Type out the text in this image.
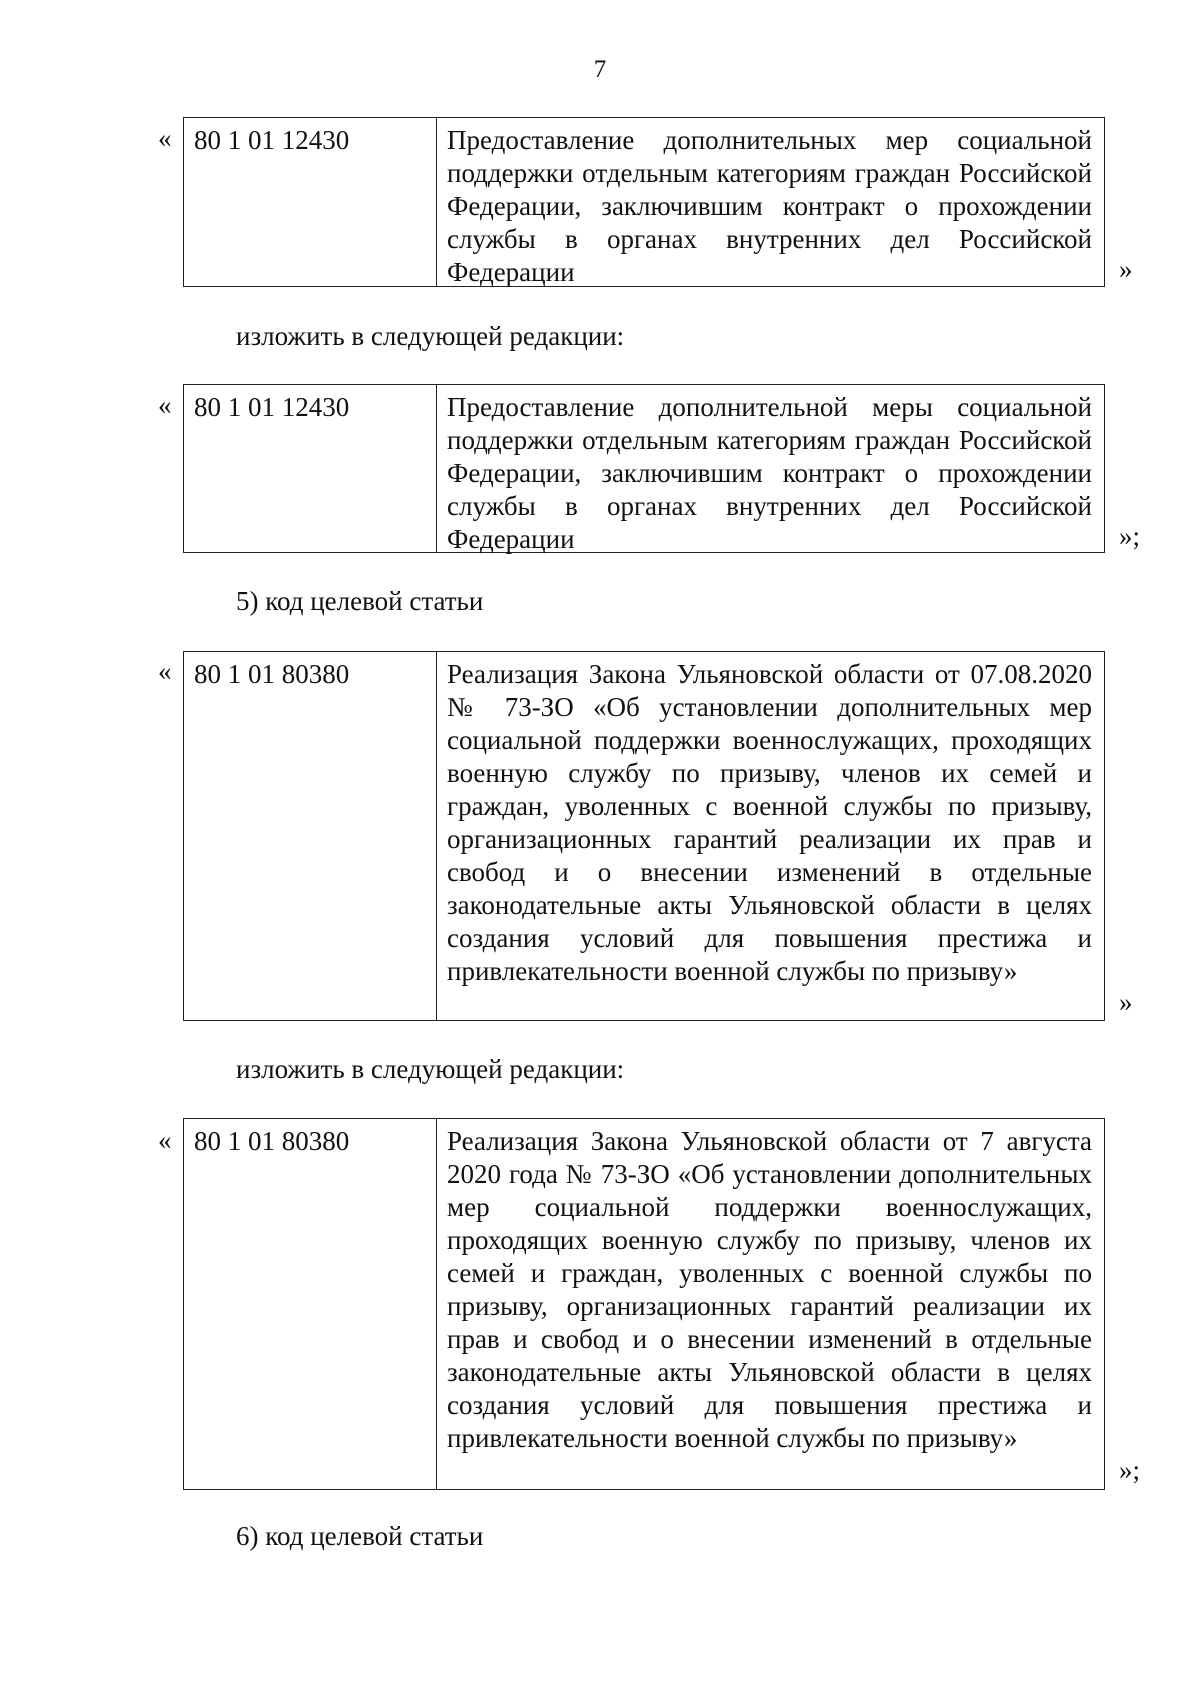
7
« 80 1 01 12430	Предоставление дополнительных мер социальной поддержки отдельным категориям граждан Российской Федерации, заключившим контракт о прохождении службы в органах внутренних дел Российской Федерации	»
изложить в следующей редакции:
« 80 1 01 12430	Предоставление дополнительной меры социальной поддержки отдельным категориям граждан Российской Федерации, заключившим контракт о прохождении службы в органах внутренних дел Российской Федерации	»;
5) код целевой статьи
« 80 1 01 80380	Реализация Закона Ульяновской области от 07.08.2020 № 73-ЗО «Об установлении дополнительных мер социальной поддержки военнослужащих, проходящих военную службу по призыву, членов их семей и граждан, уволенных с военной службы по призыву, организационных гарантий реализации их прав и свобод и о внесении изменений в отдельные законодательные акты Ульяновской области в целях создания условий для повышения престижа и привлекательности военной службы по призыву»
»
изложить в следующей редакции:
« 80 1 01 80380	Реализация Закона Ульяновской области от 7 августа 2020 года № 73-ЗО «Об установлении дополнительных мер социальной поддержки военнослужащих, проходящих военную службу по призыву, членов их семей и граждан, уволенных с военной службы по призыву, организационных гарантий реализации их прав и свобод и о внесении изменений в отдельные законодательные акты Ульяновской области в целях создания условий для повышения престижа и привлекательности военной службы по призыву»
»;
6) код целевой статьи
